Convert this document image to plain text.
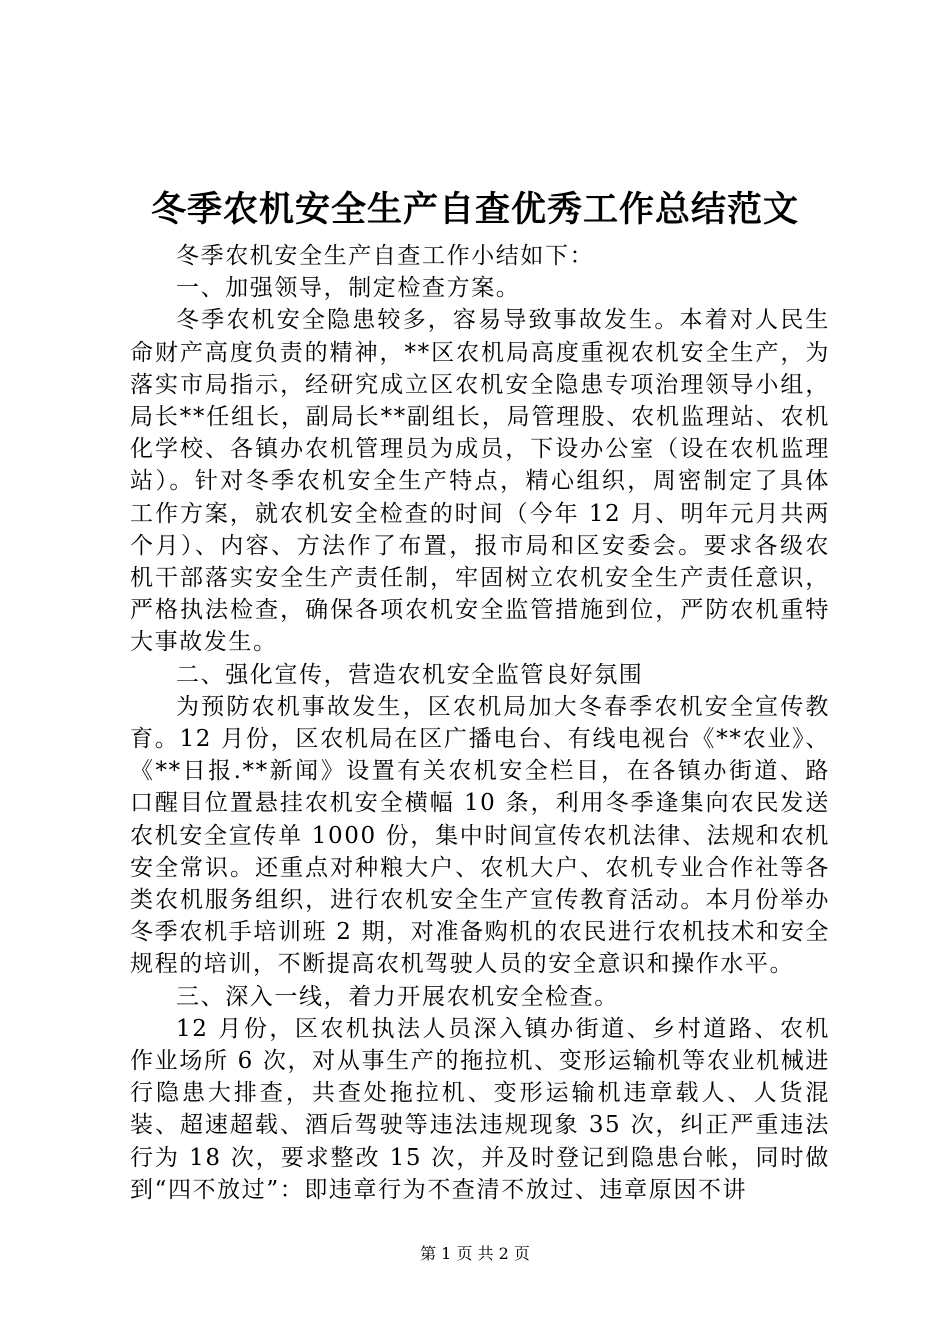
冬季农机安全生产自查优秀工作总结范文

冬季农机安全生产自查工作小结如下：

一、加强领导，制定检查方案。

冬季农机安全隐患较多，容易导致事故发生。本着对人民生命财产高度负责的精神，**区农机局高度重视农机安全生产，为落实市局指示，经研究成立区农机安全隐患专项治理领导小组，局长**任组长，副局长**副组长，局管理股、农机监理站、农机化学校、各镇办农机管理员为成员，下设办公室（设在农机监理站）。针对冬季农机安全生产特点，精心组织，周密制定了具体工作方案，就农机安全检查的时间（今年 12 月、明年元月共两个月）、内容、方法作了布置，报市局和区安委会。要求各级农机干部落实安全生产责任制，牢固树立农机安全生产责任意识，严格执法检查，确保各项农机安全监管措施到位，严防农机重特大事故发生。

二、强化宣传，营造农机安全监管良好氛围

为预防农机事故发生，区农机局加大冬春季农机安全宣传教育。12 月份，区农机局在区广播电台、有线电视台《**农业》、《**日报.**新闻》设置有关农机安全栏目，在各镇办街道、路口醒目位置悬挂农机安全横幅 10 条，利用冬季逢集向农民发送农机安全宣传单 1000 份，集中时间宣传农机法律、法规和农机安全常识。还重点对种粮大户、农机大户、农机专业合作社等各类农机服务组织，进行农机安全生产宣传教育活动。本月份举办冬季农机手培训班 2 期，对准备购机的农民进行农机技术和安全规程的培训，不断提高农机驾驶人员的安全意识和操作水平。

三、深入一线，着力开展农机安全检查。

12 月份，区农机执法人员深入镇办街道、乡村道路、农机作业场所 6 次，对从事生产的拖拉机、变形运输机等农业机械进行隐患大排查，共查处拖拉机、变形运输机违章载人、人货混装、超速超载、酒后驾驶等违法违规现象 35 次，纠正严重违法行为 18 次，要求整改 15 次，并及时登记到隐患台帐，同时做到“四不放过”：即违章行为不查清不放过、违章原因不讲

第 1 页 共 2 页
